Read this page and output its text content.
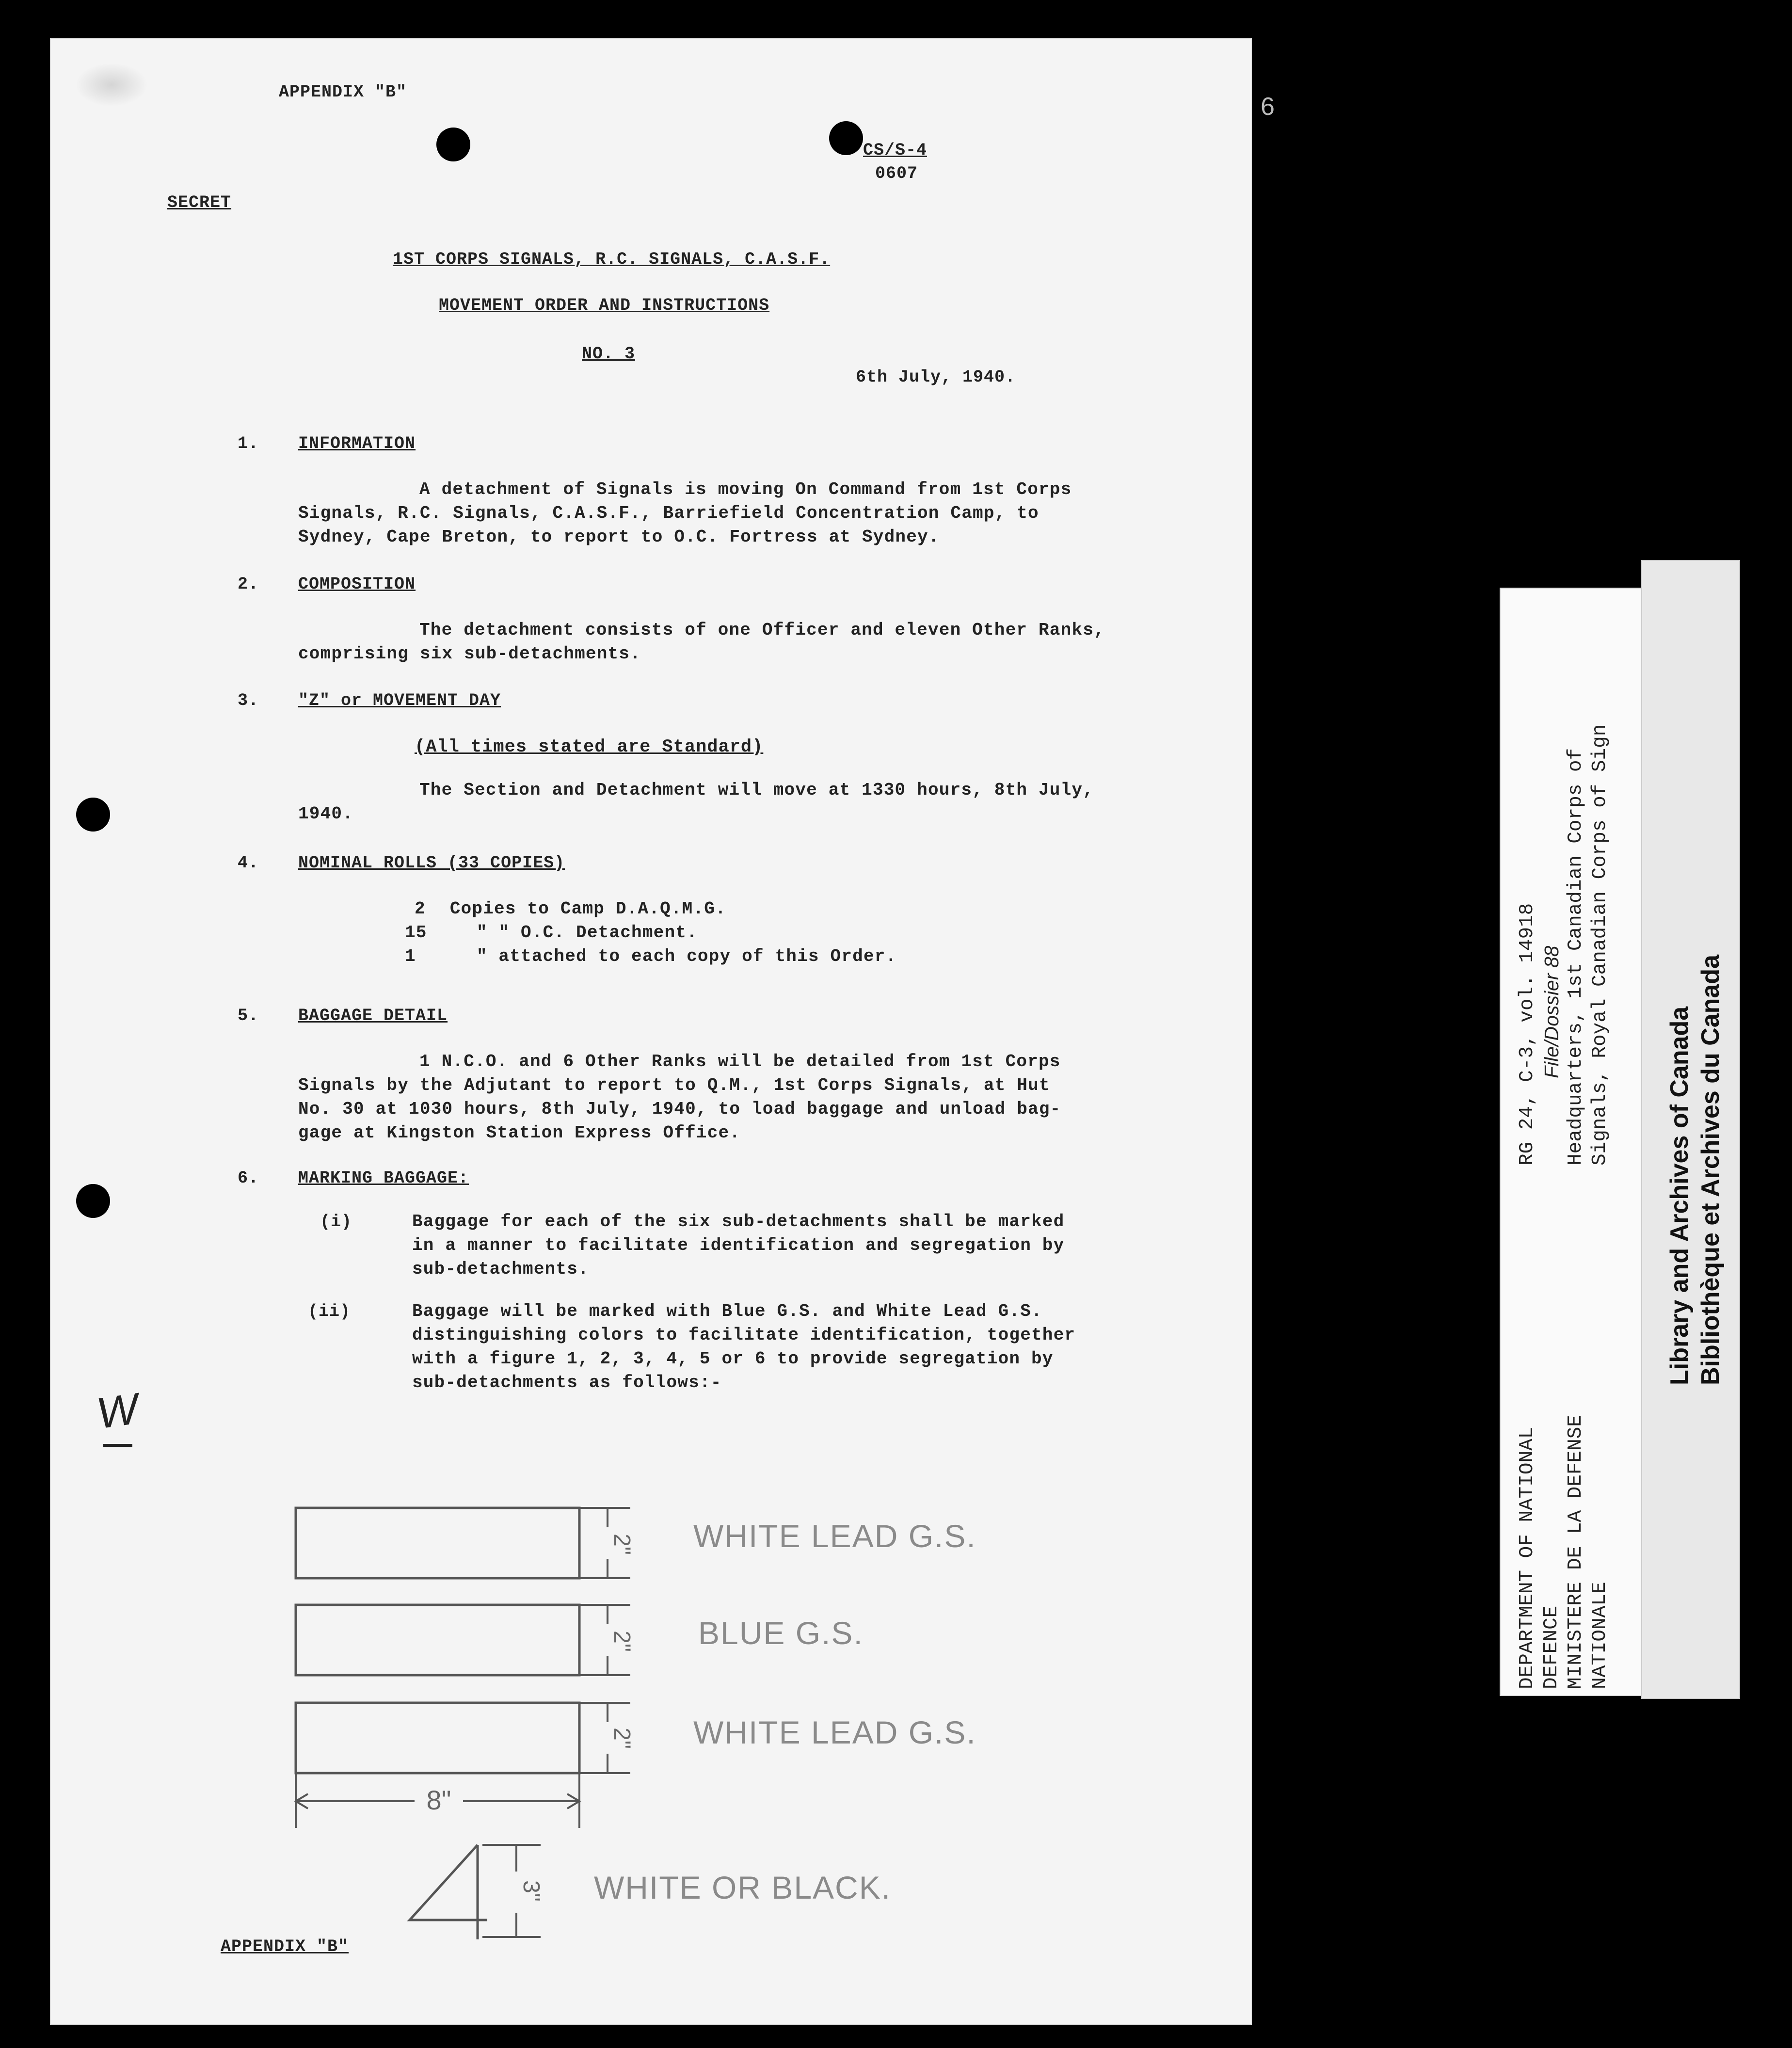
6
APPENDIX "B"
CS/S-4
0607
SECRET
1ST CORPS SIGNALS, R.C. SIGNALS, C.A.S.F.
MOVEMENT ORDER AND INSTRUCTIONS
NO. 3
6th July, 1940.
1. INFORMATION
A detachment of Signals is moving On Command from 1st Corps
Signals, R.C. Signals, C.A.S.F., Barriefield Concentration Camp, to
Sydney, Cape Breton, to report to O.C. Fortress at Sydney.
2. COMPOSITION
The detachment consists of one Officer and eleven Other Ranks,
comprising six sub-detachments.
3. "Z" or MOVEMENT DAY
(All times stated are Standard)
The Section and Detachment will move at 1330 hours, 8th July,
1940.
4. NOMINAL ROLLS (33 COPIES)
2 Copies to Camp D.A.Q.M.G.
15	" " O.C. Detachment.
1	" attached to each copy of this Order.
5. BAGGAGE DETAIL
1 N.C.O. and 6 Other Ranks will be detailed from 1st Corps
Signals by the Adjutant to report to Q.M., 1st Corps Signals, at Hut
No. 30 at 1030 hours, 8th July, 1940, to load baggage and unload bag-
gage at Kingston Station Express Office.
6. MARKING BAGGAGE:
(i)	Baggage for each of the six sub-detachments shall be marked
in a manner to facilitate identification and segregation by
sub-detachments.
(ii)	Baggage will be marked with Blue G.S. and White Lead G.S.
distinguishing colors to facilitate identification, together
with a figure 1, 2, 3, 4, 5 or 6 to provide segregation by
sub-detachments as follows:-
W
2"
2"
2"
8"
3"
WHITE LEAD G.S.
BLUE G.S.
WHITE LEAD G.S.
WHITE OR BLACK.
APPENDIX "B"
DEPARTMENT OF NATIONAL DEFENCE MINISTERE DE LA DEFENSE NATIONALE
RG 24, C-3, vol. 14918 File/Dossier 88 Headquarters, 1st Canadian Corps of Signals, Royal Canadian Corps of Sign
Library and Archives of Canada Bibliothèque et Archives du Canada
